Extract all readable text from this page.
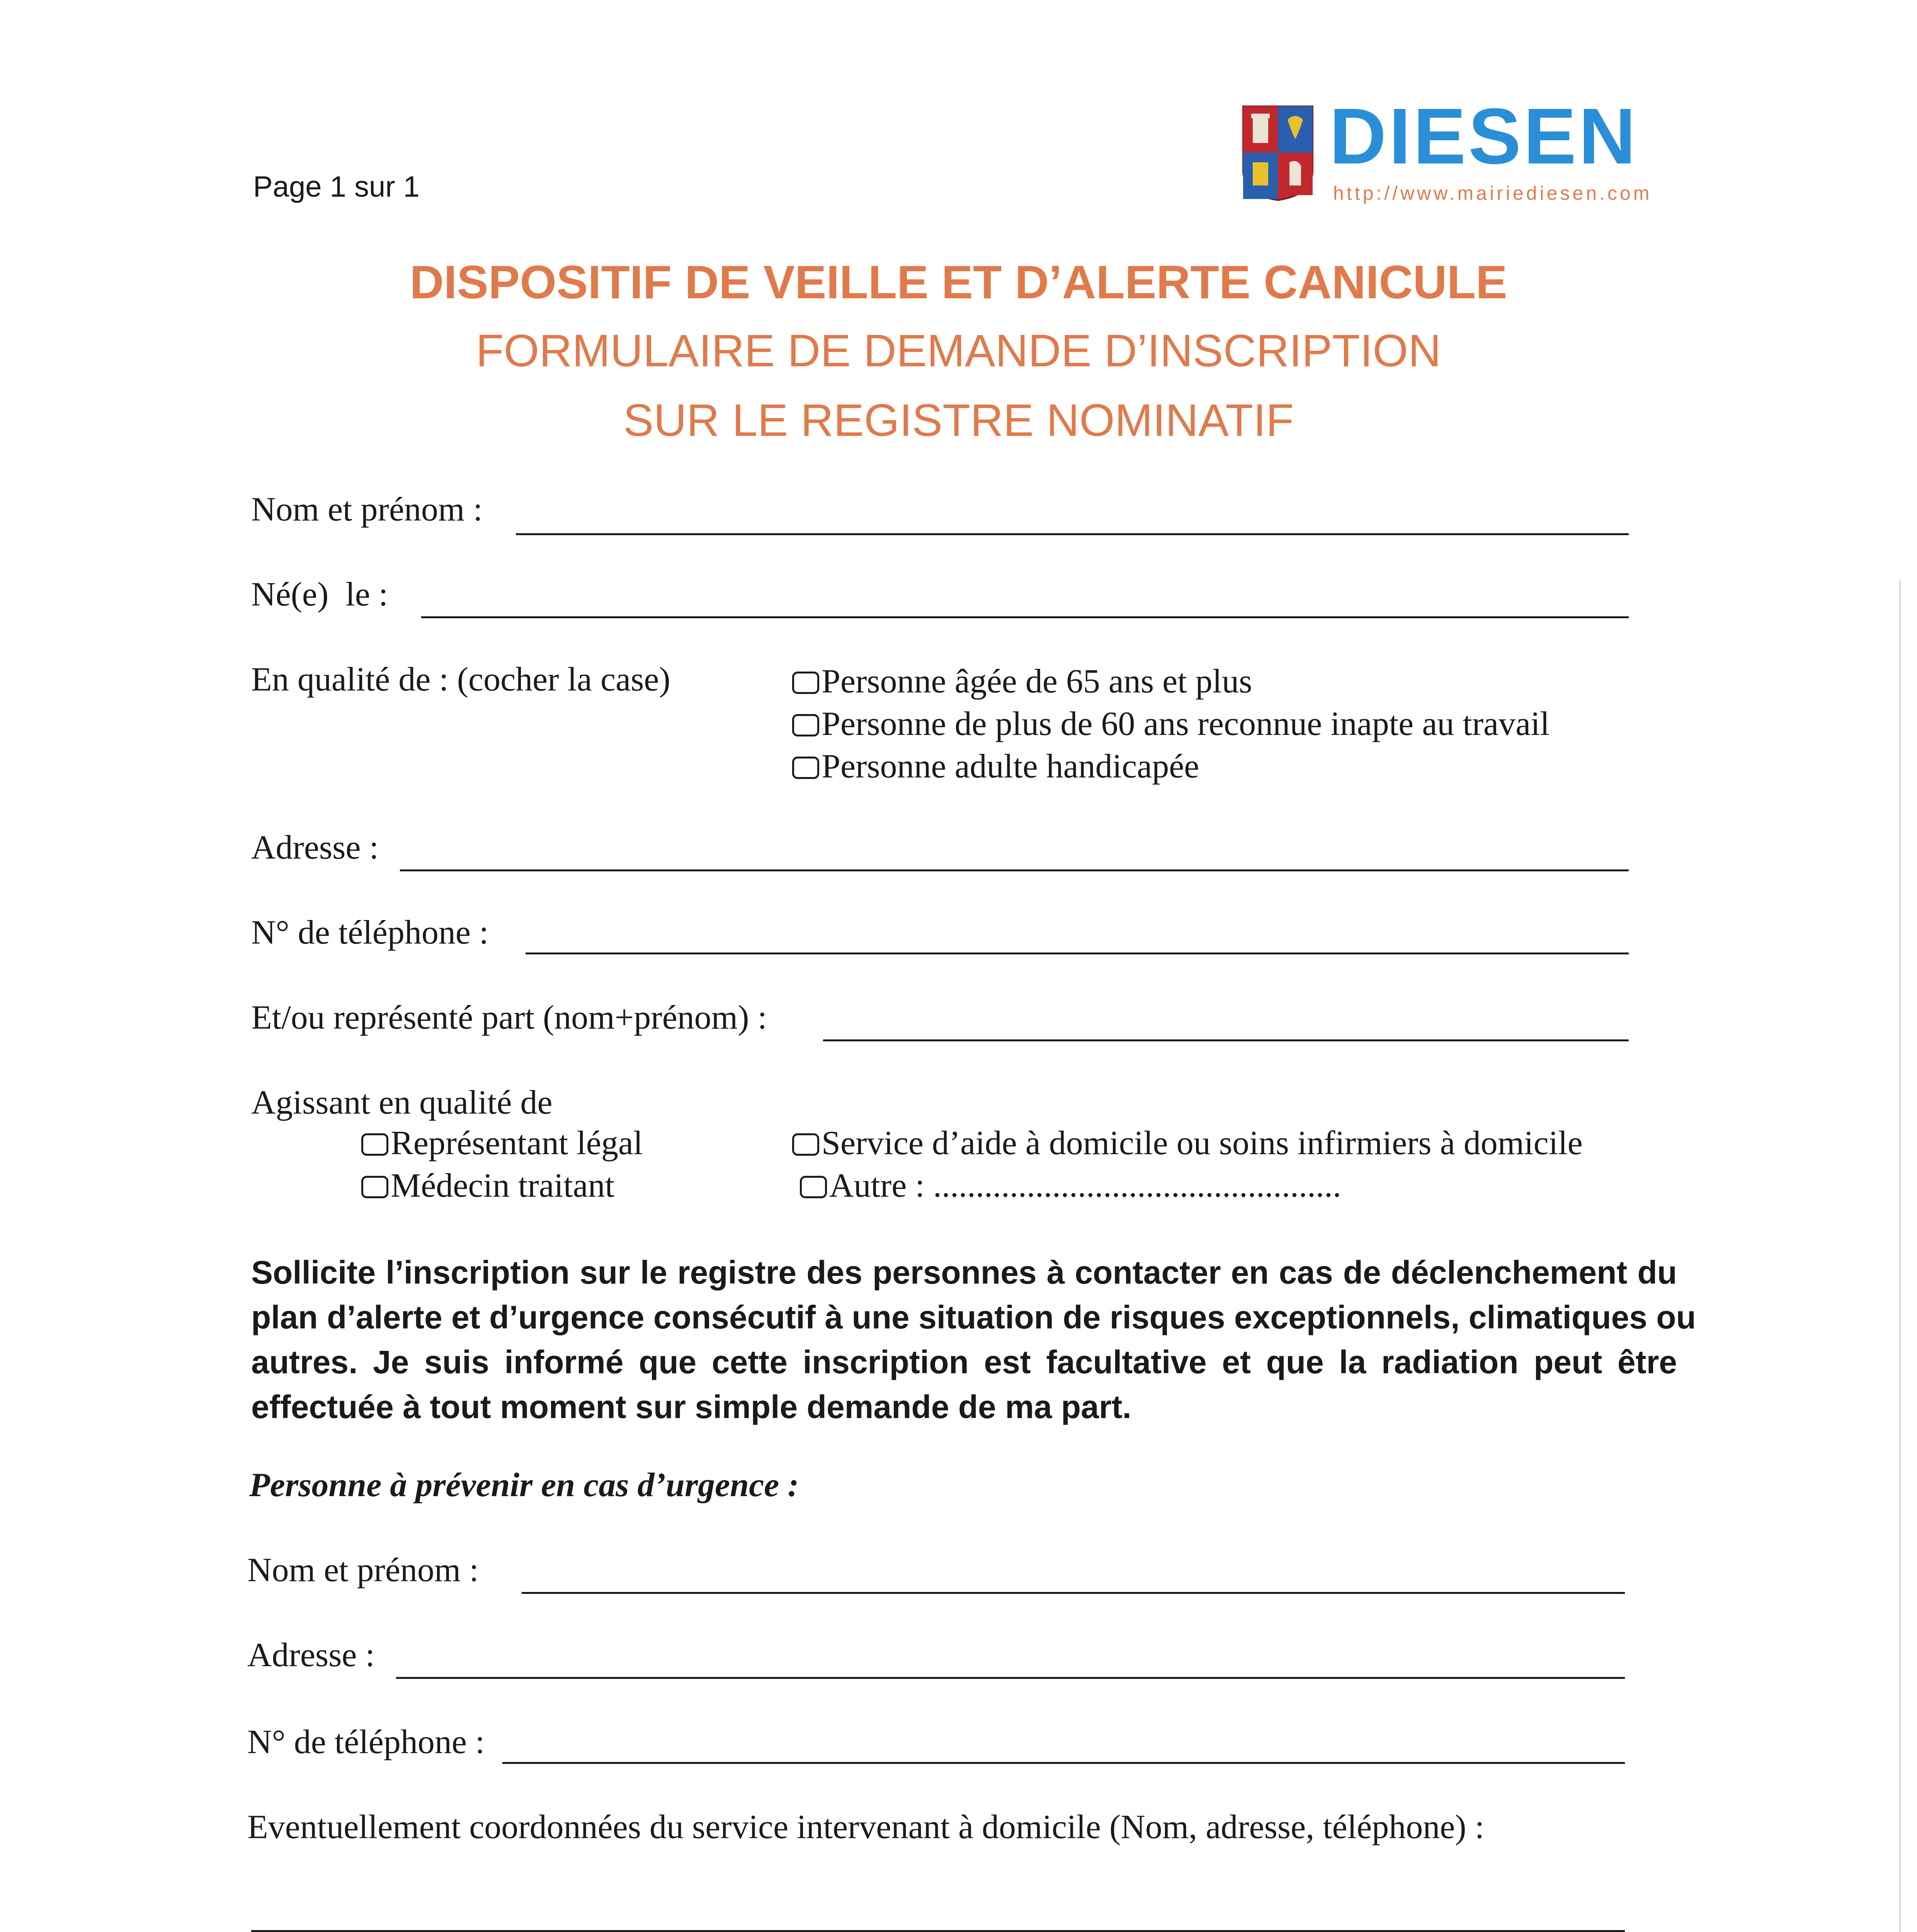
Page 1 sur 1
DIESEN
http://www.mairiediesen.com
DISPOSITIF DE VEILLE ET D’ALERTE CANICULE
FORMULAIRE DE DEMANDE D’INSCRIPTION
SUR LE REGISTRE NOMINATIF
Nom et prénom :
Né(e)  le :
En qualité de : (cocher la case)	Personne âgée de 65 ans et plus
Personne de plus de 60 ans reconnue inapte au travail
Personne adulte handicapée
Adresse :
N° de téléphone :
Et/ou représenté part (nom+prénom) :
Agissant en qualité de
Représentant légal
Médecin traitant
Service d’aide à domicile ou soins infirmiers à domicile
Autre : ................................................
Sollicite l’inscription sur le registre des personnes à contacter en cas de déclenchement du
plan d’alerte et d’urgence consécutif à une situation de risques exceptionnels, climatiques ou
autres. Je suis informé que cette inscription est facultative et que la radiation peut être
effectuée à tout moment sur simple demande de ma part.
Personne à prévenir en cas d’urgence :
Nom et prénom :
Adresse :
N° de téléphone :
Eventuellement coordonnées du service intervenant à domicile (Nom, adresse, téléphone) :
